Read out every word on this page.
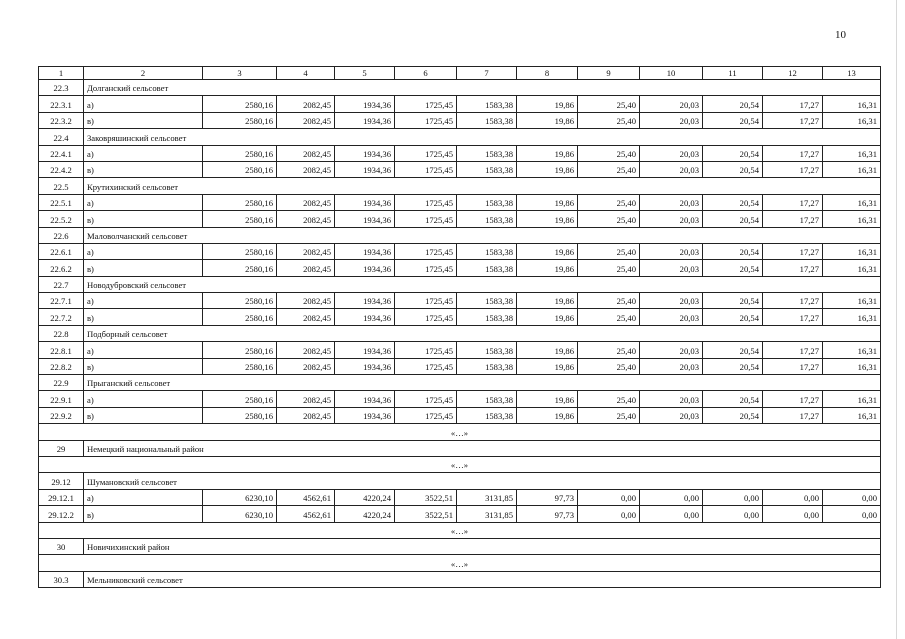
10
1	2	3	4	5	6	7	8	9	10	11	12	13
22.3	Долганский сельсовет											
22.3.1	а)	2580,16	2082,45	1934,36	1725,45	1583,38	19,86	25,40	20,03	20,54	17,27	16,31
22.3.2	в)	2580,16	2082,45	1934,36	1725,45	1583,38	19,86	25,40	20,03	20,54	17,27	16,31
22.4	Заковряшинский сельсовет											
22.4.1	а)	2580,16	2082,45	1934,36	1725,45	1583,38	19,86	25,40	20,03	20,54	17,27	16,31
22.4.2	в)	2580,16	2082,45	1934,36	1725,45	1583,38	19,86	25,40	20,03	20,54	17,27	16,31
22.5	Крутихинский сельсовет											
22.5.1	а)	2580,16	2082,45	1934,36	1725,45	1583,38	19,86	25,40	20,03	20,54	17,27	16,31
22.5.2	в)	2580,16	2082,45	1934,36	1725,45	1583,38	19,86	25,40	20,03	20,54	17,27	16,31
22.6	Маловолчанский сельсовет											
22.6.1	а)	2580,16	2082,45	1934,36	1725,45	1583,38	19,86	25,40	20,03	20,54	17,27	16,31
22.6.2	в)	2580,16	2082,45	1934,36	1725,45	1583,38	19,86	25,40	20,03	20,54	17,27	16,31
22.7	Новодубровский сельсовет											
22.7.1	а)	2580,16	2082,45	1934,36	1725,45	1583,38	19,86	25,40	20,03	20,54	17,27	16,31
22.7.2	в)	2580,16	2082,45	1934,36	1725,45	1583,38	19,86	25,40	20,03	20,54	17,27	16,31
22.8	Подборный сельсовет											
22.8.1	а)	2580,16	2082,45	1934,36	1725,45	1583,38	19,86	25,40	20,03	20,54	17,27	16,31
22.8.2	в)	2580,16	2082,45	1934,36	1725,45	1583,38	19,86	25,40	20,03	20,54	17,27	16,31
22.9	Прыганский сельсовет											
22.9.1	а)	2580,16	2082,45	1934,36	1725,45	1583,38	19,86	25,40	20,03	20,54	17,27	16,31
22.9.2	в)	2580,16	2082,45	1934,36	1725,45	1583,38	19,86	25,40	20,03	20,54	17,27	16,31
«…»												
29	Немецкий национальный район											
«…»												
29.12	Шумановский сельсовет											
29.12.1	а)	6230,10	4562,61	4220,24	3522,51	3131,85	97,73	0,00	0,00	0,00	0,00	0,00
29.12.2	в)	6230,10	4562,61	4220,24	3522,51	3131,85	97,73	0,00	0,00	0,00	0,00	0,00
«…»												
30	Новичихинский район											
«…»												
30.3	Мельниковский сельсовет											
